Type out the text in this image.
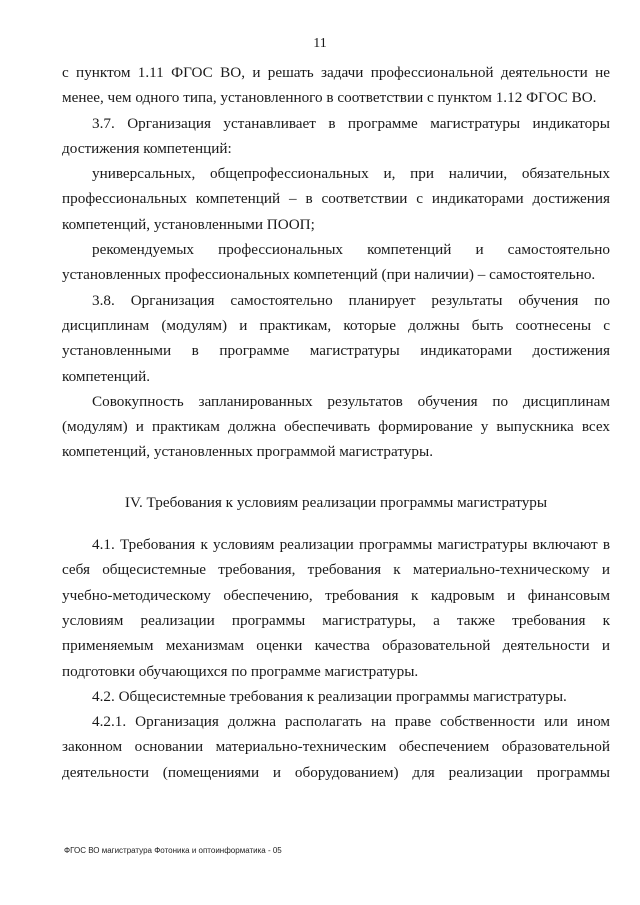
11

с пунктом 1.11 ФГОС ВО, и решать задачи профессиональной деятельности не менее, чем одного типа, установленного в соответствии с пунктом 1.12 ФГОС ВО.

3.7. Организация устанавливает в программе магистратуры индикаторы достижения компетенций:

универсальных, общепрофессиональных и, при наличии, обязательных профессиональных компетенций – в соответствии с индикаторами достижения компетенций, установленными ПООП;

рекомендуемых профессиональных компетенций и самостоятельно установленных профессиональных компетенций (при наличии) – самостоятельно.

3.8. Организация самостоятельно планирует результаты обучения по дисциплинам (модулям) и практикам, которые должны быть соотнесены с установленными в программе магистратуры индикаторами достижения компетенций.

Совокупность запланированных результатов обучения по дисциплинам (модулям) и практикам должна обеспечивать формирование у выпускника всех компетенций, установленных программой магистратуры.

IV. Требования к условиям реализации программы магистратуры

4.1. Требования к условиям реализации программы магистратуры включают в себя общесистемные требования, требования к материально-техническому и учебно-методическому обеспечению, требования к кадровым и финансовым условиям реализации программы магистратуры, а также требования к применяемым механизмам оценки качества образовательной деятельности и подготовки обучающихся по программе магистратуры.

4.2. Общесистемные требования к реализации программы магистратуры.

4.2.1. Организация должна располагать на праве собственности или ином законном основании материально-техническим обеспечением образовательной деятельности (помещениями и оборудованием) для реализации программы

ФГОС ВО магистратура Фотоника и оптоинформатика - 05
